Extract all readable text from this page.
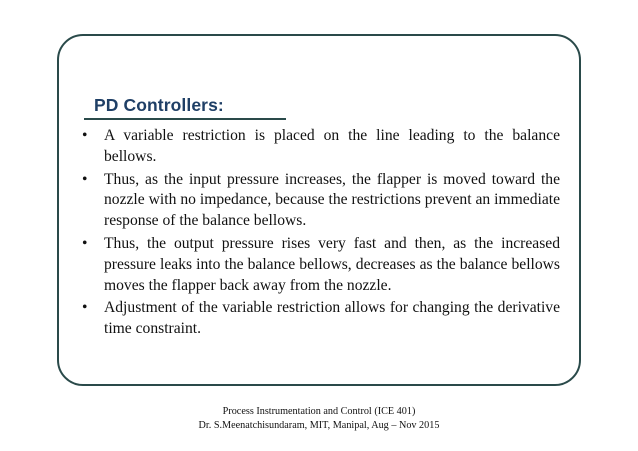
PD Controllers:
• A variable restriction is placed on the line leading to the balance bellows.
• Thus, as the input pressure increases, the flapper is moved toward the nozzle with no impedance, because the restrictions prevent an immediate response of the balance bellows.
• Thus, the output pressure rises very fast and then, as the increased pressure leaks into the balance bellows, decreases as the balance bellows moves the flapper back away from the nozzle.
• Adjustment of the variable restriction allows for changing the derivative time constraint.
Process Instrumentation and Control (ICE 401)
Dr. S.Meenatchisundaram, MIT, Manipal, Aug – Nov 2015
